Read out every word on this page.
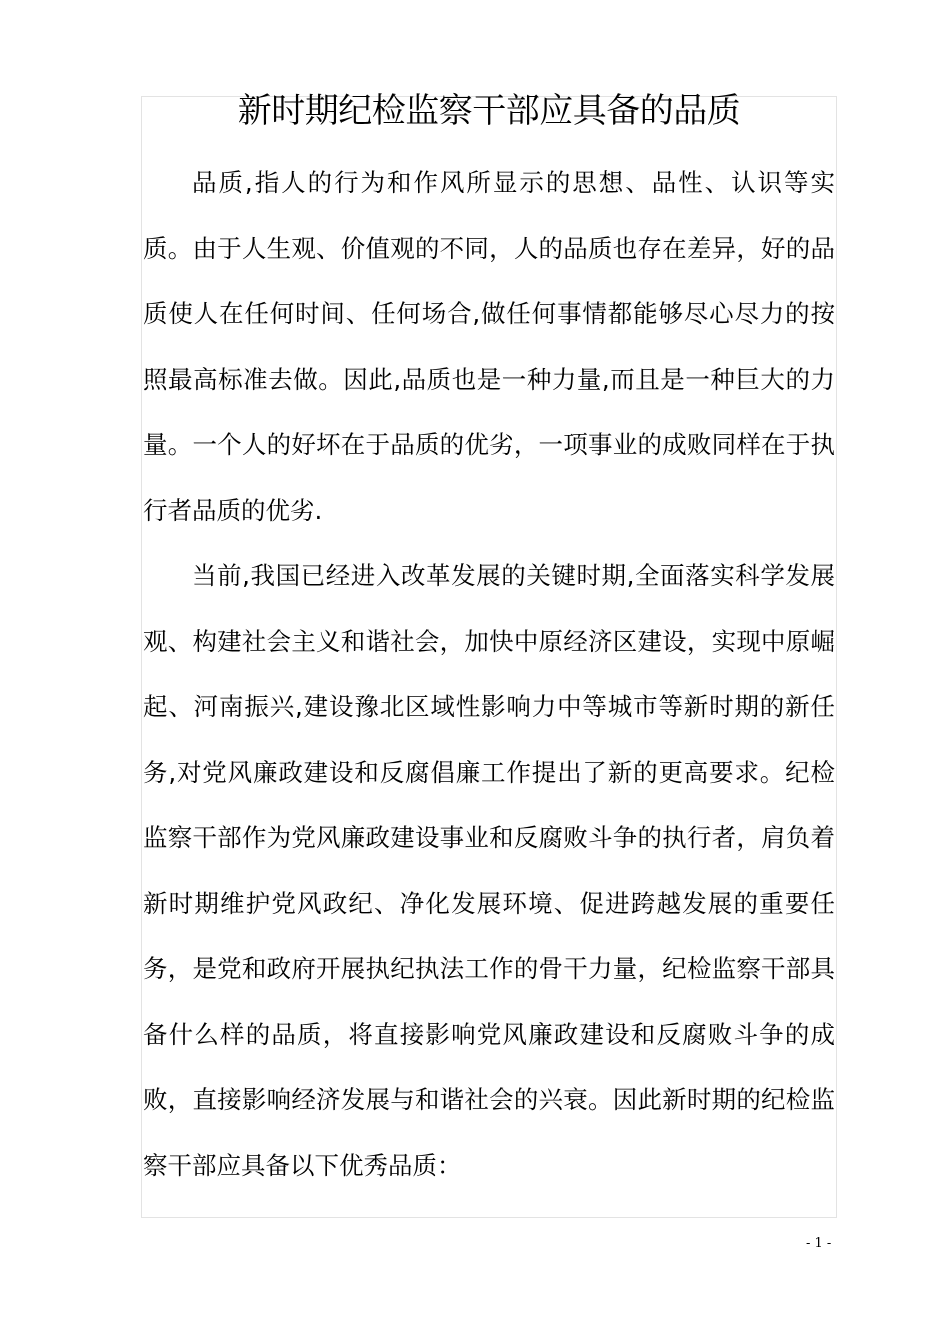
新时期纪检监察干部应具备的品质

品质,指人的行为和作风所显示的思想、品性、认识等实质。由于人生观、价值观的不同，人的品质也存在差异，好的品质使人在任何时间、任何场合,做任何事情都能够尽心尽力的按照最高标准去做。因此,品质也是一种力量,而且是一种巨大的力量。一个人的好坏在于品质的优劣，一项事业的成败同样在于执行者品质的优劣.

当前,我国已经进入改革发展的关键时期,全面落实科学发展观、构建社会主义和谐社会，加快中原经济区建设，实现中原崛起、河南振兴,建设豫北区域性影响力中等城市等新时期的新任务,对党风廉政建设和反腐倡廉工作提出了新的更高要求。纪检监察干部作为党风廉政建设事业和反腐败斗争的执行者，肩负着新时期维护党风政纪、净化发展环境、促进跨越发展的重要任务，是党和政府开展执纪执法工作的骨干力量，纪检监察干部具备什么样的品质，将直接影响党风廉政建设和反腐败斗争的成败，直接影响经济发展与和谐社会的兴衰。因此新时期的纪检监察干部应具备以下优秀品质：

- 1 -
